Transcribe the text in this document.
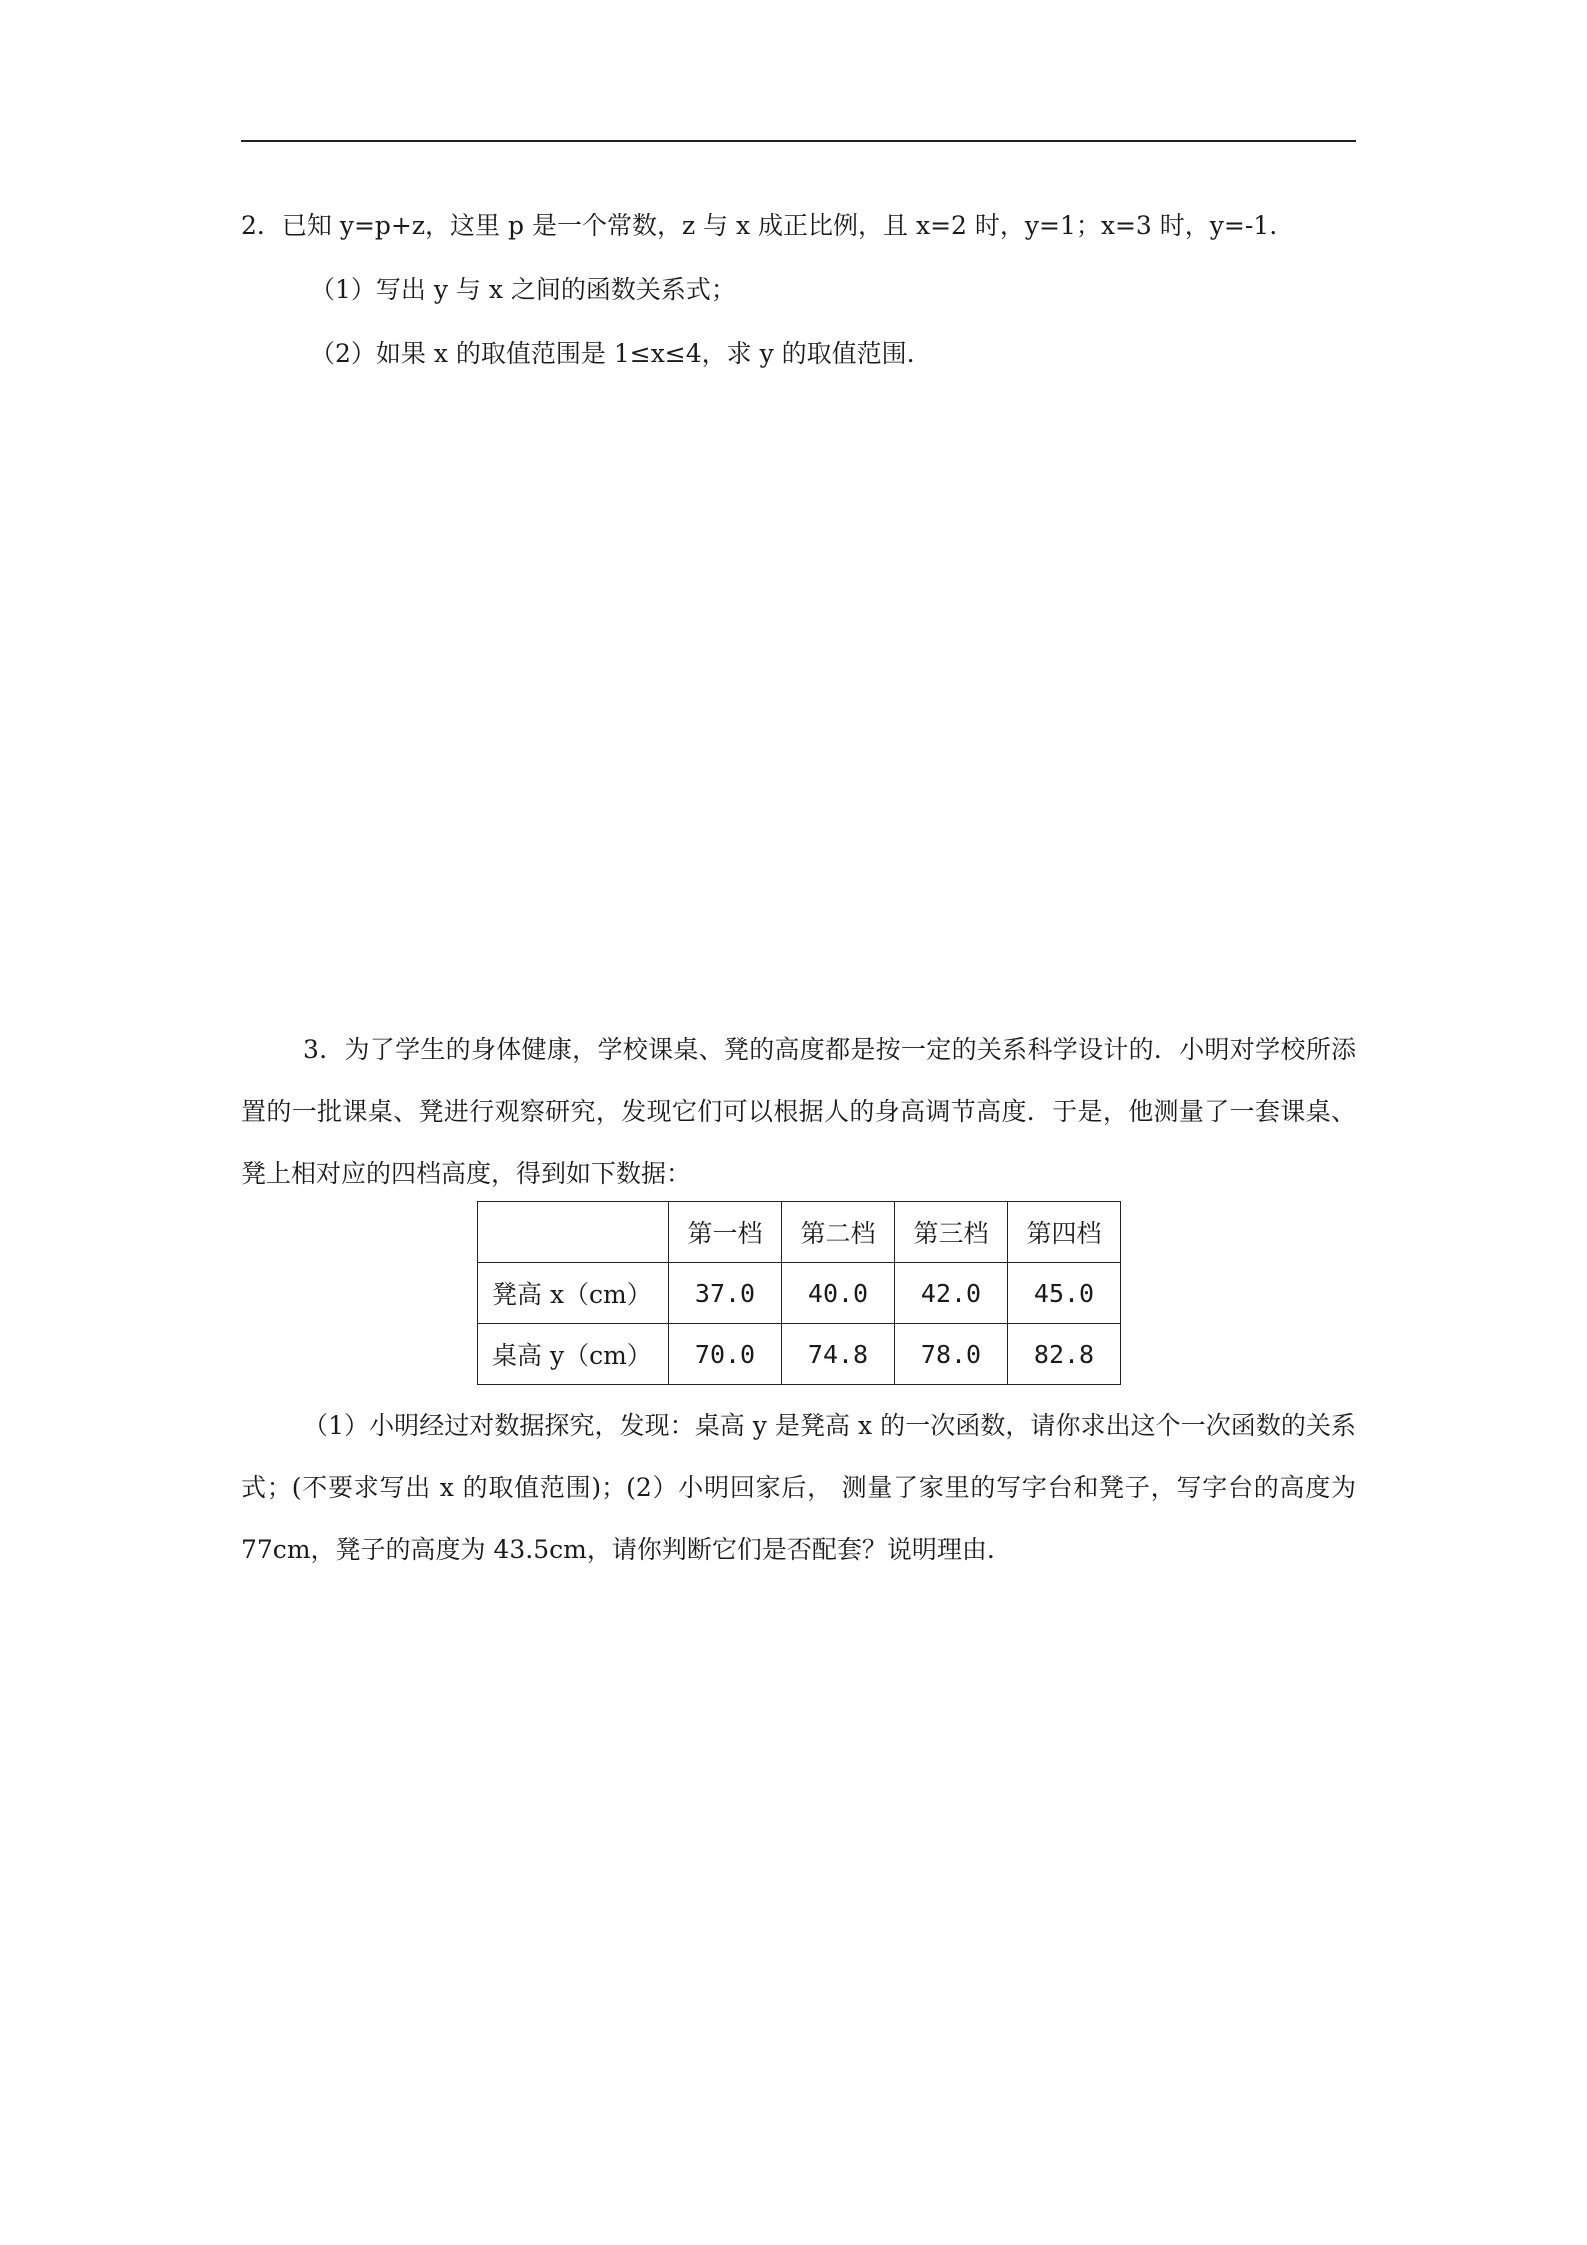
2．已知 y=p+z，这里 p 是一个常数，z 与 x 成正比例，且 x=2 时，y=1；x=3 时，y=-1.
（1）写出 y 与 x 之间的函数关系式；
（2）如果 x 的取值范围是 1≤x≤4，求 y 的取值范围.
3．为了学生的身体健康，学校课桌、凳的高度都是按一定的关系科学设计的．小明对学校所添置的一批课桌、凳进行观察研究，发现它们可以根据人的身高调节高度．于是，他测量了一套课桌、凳上相对应的四档高度，得到如下数据：
	第一档	第二档	第三档	第四档
凳高 x（cm）	37.0	40.0	42.0	45.0
桌高 y（cm）	70.0	74.8	78.0	82.8
（1）小明经过对数据探究，发现：桌高 y 是凳高 x 的一次函数，请你求出这个一次函数的关系式；(不要求写出 x 的取值范围)；(2）小明回家后， 测量了家里的写字台和凳子，写字台的高度为 77cm，凳子的高度为 43.5cm，请你判断它们是否配套？说明理由.
